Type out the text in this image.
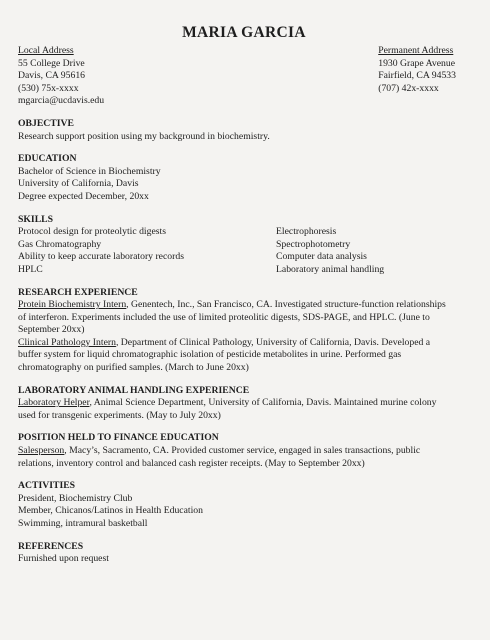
MARIA GARCIA
Local Address
55 College Drive
Davis, CA 95616
(530) 75x-xxxx
mgarcia@ucdavis.edu
Permanent Address
1930 Grape Avenue
Fairfield, CA 94533
(707) 42x-xxxx
OBJECTIVE
Research support position using my background in biochemistry.
EDUCATION
Bachelor of Science in Biochemistry
University of California, Davis
Degree expected December, 20xx
SKILLS
Protocol design for proteolytic digests
Gas Chromatography
Ability to keep accurate laboratory records
HPLC
Electrophoresis
Spectrophotometry
Computer data analysis
Laboratory animal handling
RESEARCH EXPERIENCE
Protein Biochemistry Intern, Genentech, Inc., San Francisco, CA. Investigated structure-function relationships
of interferon. Experiments included the use of limited proteolitic digests, SDS-PAGE, and HPLC. (June to
September 20xx)
Clinical Pathology Intern, Department of Clinical Pathology, University of California, Davis. Developed a
buffer system for liquid chromatographic isolation of pesticide metabolites in urine. Performed gas
chromatography on purified samples. (March to June 20xx)
LABORATORY ANIMAL HANDLING EXPERIENCE
Laboratory Helper, Animal Science Department, University of California, Davis. Maintained murine colony
used for transgenic experiments. (May to July 20xx)
POSITION HELD TO FINANCE EDUCATION
Salesperson, Macy’s, Sacramento, CA. Provided customer service, engaged in sales transactions, public
relations, inventory control and balanced cash register receipts. (May to September 20xx)
ACTIVITIES
President, Biochemistry Club
Member, Chicanos/Latinos in Health Education
Swimming, intramural basketball
REFERENCES
Furnished upon request
